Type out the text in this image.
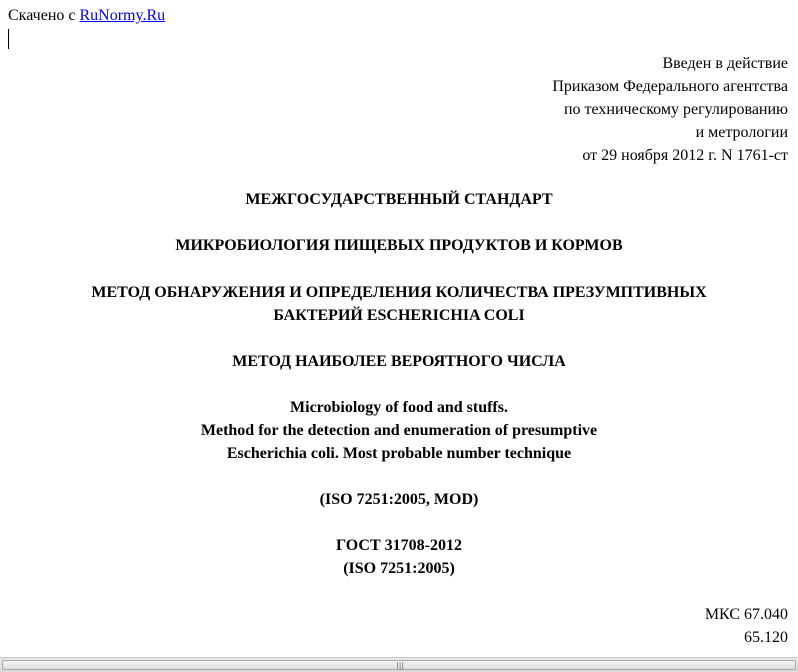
Скачено с RuNormy.Ru
Введен в действие
Приказом Федерального агентства
по техническому регулированию
и метрологии
от 29 ноября 2012 г. N 1761-ст
МЕЖГОСУДАРСТВЕННЫЙ СТАНДАРТ
МИКРОБИОЛОГИЯ ПИЩЕВЫХ ПРОДУКТОВ И КОРМОВ
МЕТОД ОБНАРУЖЕНИЯ И ОПРЕДЕЛЕНИЯ КОЛИЧЕСТВА ПРЕЗУМПТИВНЫХ
БАКТЕРИЙ ESCHERICHIA COLI
МЕТОД НАИБОЛЕЕ ВЕРОЯТНОГО ЧИСЛА
Microbiology of food and stuffs.
Method for the detection and enumeration of presumptive
Escherichia coli. Most probable number technique
(ISO 7251:2005, MOD)
ГОСТ 31708-2012
(ISO 7251:2005)
МКС 67.040
65.120
|||
